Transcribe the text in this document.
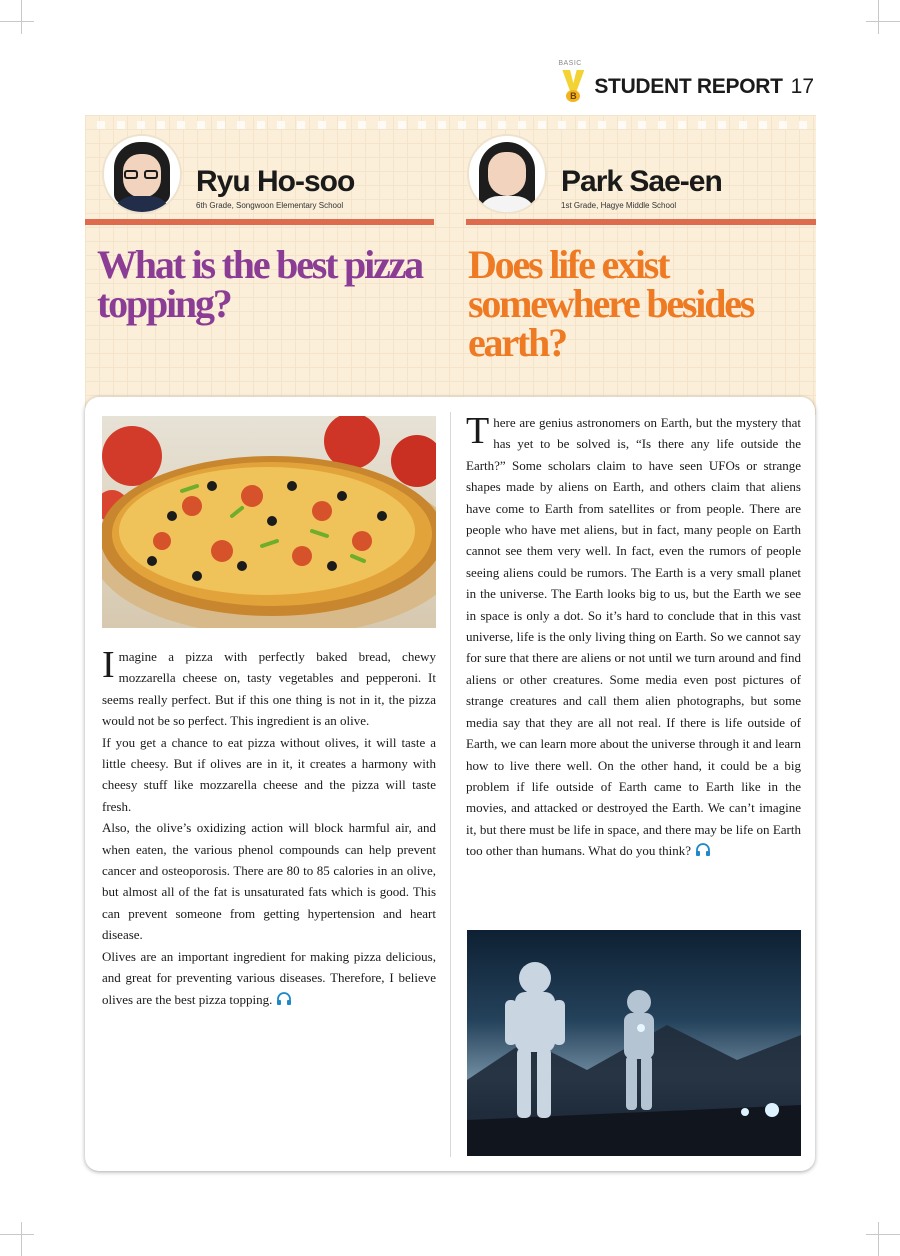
BASIC
B STUDENT REPORT 17
Ryu Ho-soo
6th Grade, Songwoon Elementary School
Park Sae-en
1st Grade, Hagye Middle School
What is the best pizza topping?
Does life exist somewhere besides earth?

Imagine a pizza with perfectly baked bread, chewy mozzarella cheese on, tasty vegetables and pepperoni. It seems really perfect. But if this one thing is not in it, the pizza would not be so perfect. This ingredient is an olive.

If you get a chance to eat pizza without olives, it will taste a little cheesy. But if olives are in it, it creates a harmony with cheesy stuff like mozzarella cheese and the pizza will taste fresh.

Also, the olive’s oxidizing action will block harmful air, and when eaten, the various phenol compounds can help prevent cancer and osteoporosis. There are 80 to 85 calories in an olive, but almost all of the fat is unsaturated fats which is good. This can prevent someone from getting hypertension and heart disease.

Olives are an important ingredient for making pizza delicious, and great for preventing various diseases. Therefore, I believe olives are the best pizza topping.

There are genius astronomers on Earth, but the mystery that has yet to be solved is, “Is there any life outside the Earth?” Some scholars claim to have seen UFOs or strange shapes made by aliens on Earth, and others claim that aliens have come to Earth from satellites or from people. There are people who have met aliens, but in fact, many people on Earth cannot see them very well. In fact, even the rumors of people seeing aliens could be rumors. The Earth is a very small planet in the universe. The Earth looks big to us, but the Earth we see in space is only a dot. So it’s hard to conclude that in this vast universe, life is the only living thing on Earth. So we cannot say for sure that there are aliens or not until we turn around and find aliens or other creatures. Some media even post pictures of strange creatures and call them alien photographs, but some media say that they are all not real. If there is life outside of Earth, we can learn more about the universe through it and learn how to live there well. On the other hand, it could be a big problem if life outside of Earth came to Earth like in the movies, and attacked or destroyed the Earth. We can’t imagine it, but there must be life in space, and there may be life on Earth too other than humans. What do you think?
